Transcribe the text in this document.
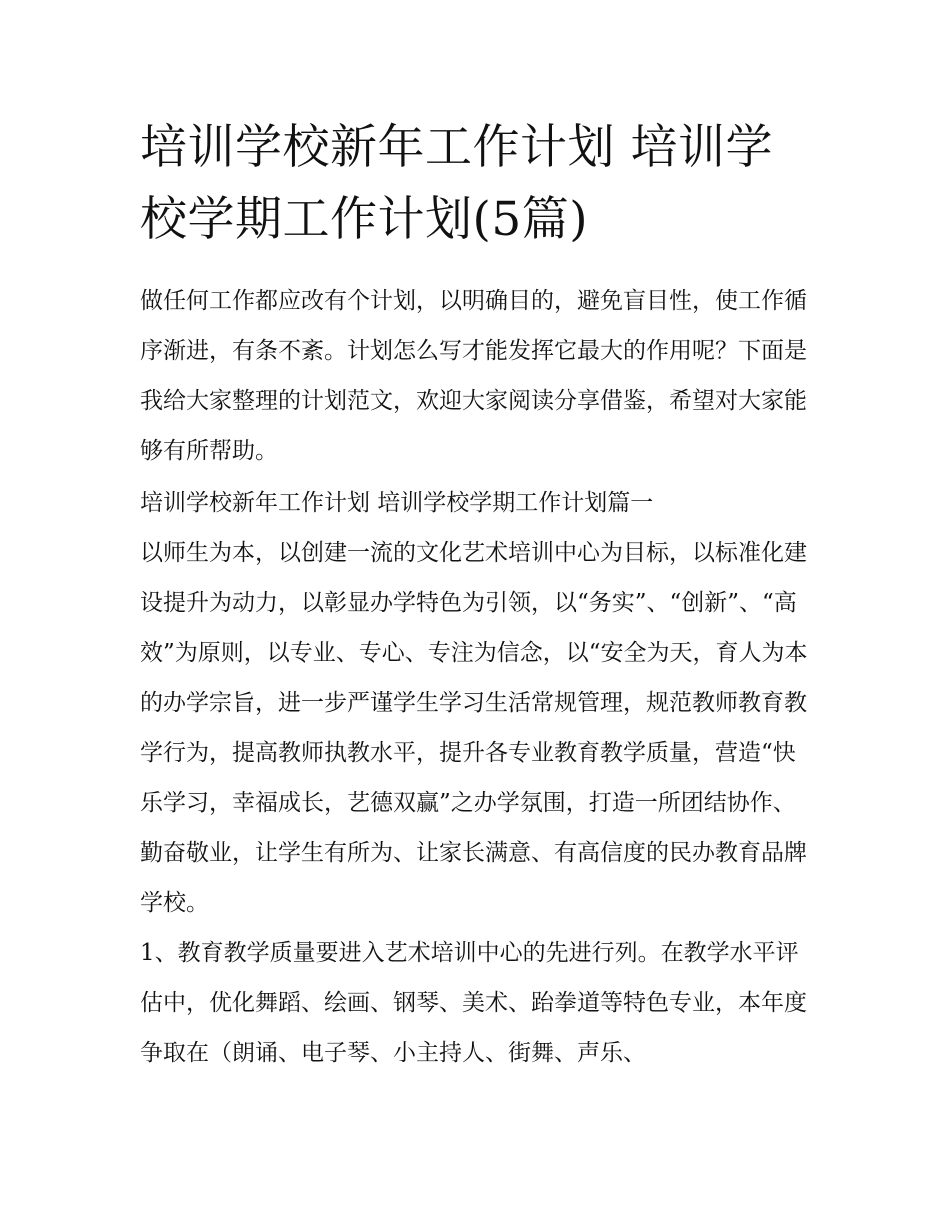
培训学校新年工作计划 培训学校学期工作计划(5篇)

做任何工作都应改有个计划，以明确目的，避免盲目性，使工作循序渐进，有条不紊。计划怎么写才能发挥它最大的作用呢？下面是我给大家整理的计划范文，欢迎大家阅读分享借鉴，希望对大家能够有所帮助。

培训学校新年工作计划 培训学校学期工作计划篇一

以师生为本，以创建一流的文化艺术培训中心为目标，以标准化建设提升为动力，以彰显办学特色为引领，以“务实”、“创新”、“高效”为原则，以专业、专心、专注为信念，以“安全为天，育人为本的办学宗旨，进一步严谨学生学习生活常规管理，规范教师教育教学行为，提高教师执教水平，提升各专业教育教学质量，营造“快乐学习，幸福成长，艺德双赢”之办学氛围，打造一所团结协作、勤奋敬业，让学生有所为、让家长满意、有高信度的民办教育品牌学校。

1、教育教学质量要进入艺术培训中心的先进行列。在教学水平评估中，优化舞蹈、绘画、钢琴、美术、跆拳道等特色专业，本年度争取在（朗诵、电子琴、小主持人、街舞、声乐、
